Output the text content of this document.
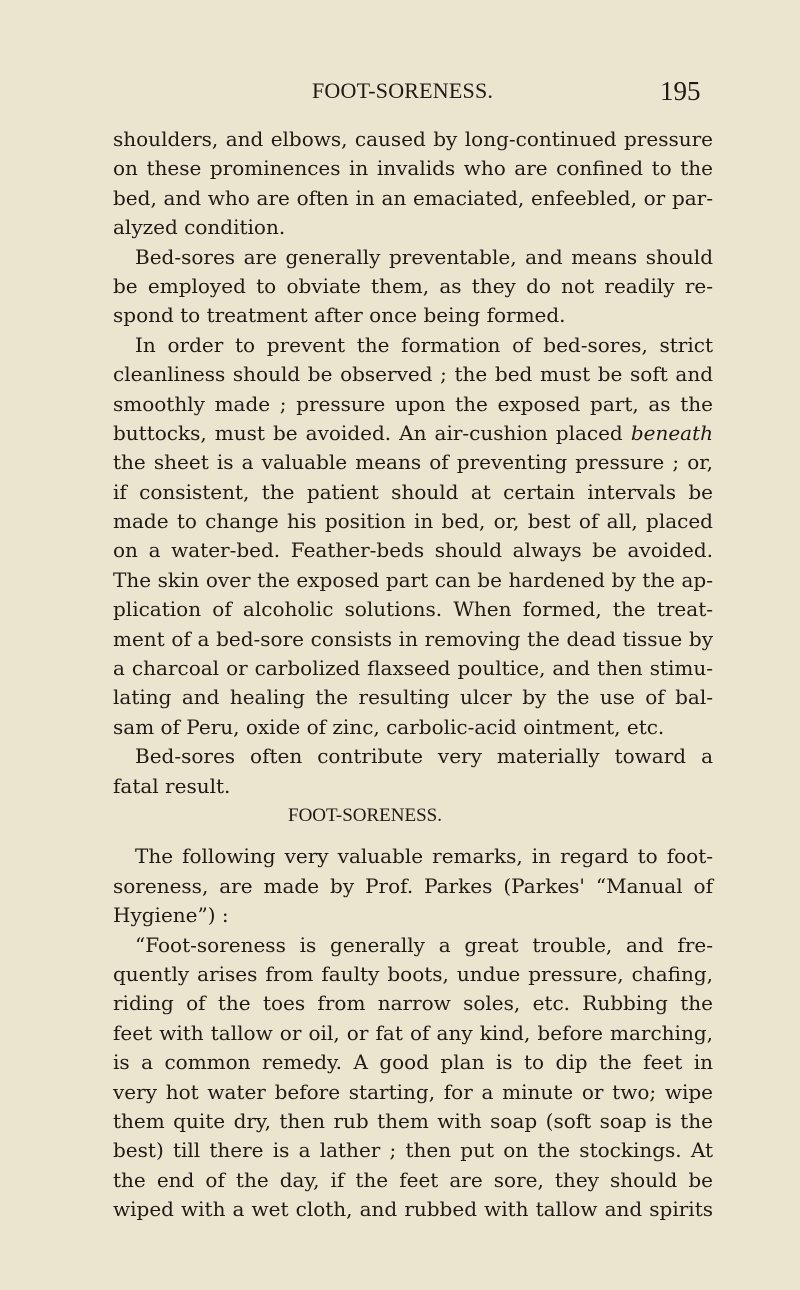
FOOT-SORENESS.	195
shoulders, and elbows, caused by long-continued pressure
on these prominences in invalids who are confined to the
bed, and who are often in an emaciated, enfeebled, or par-
alyzed condition.
Bed-sores are generally preventable, and means should
be employed to obviate them, as they do not readily re-
spond to treatment after once being formed.
In order to prevent the formation of bed-sores, strict
cleanliness should be observed ; the bed must be soft and
smoothly made ; pressure upon the exposed part, as the
buttocks, must be avoided. An air-cushion placed beneath
the sheet is a valuable means of preventing pressure ; or,
if consistent, the patient should at certain intervals be
made to change his position in bed, or, best of all, placed
on a water-bed. Feather-beds should always be avoided.
The skin over the exposed part can be hardened by the ap-
plication of alcoholic solutions. When formed, the treat-
ment of a bed-sore consists in removing the dead tissue by
a charcoal or carbolized flaxseed poultice, and then stimu-
lating and healing the resulting ulcer by the use of bal-
sam of Peru, oxide of zinc, carbolic-acid ointment, etc.
Bed-sores often contribute very materially toward a
fatal result.
FOOT-SORENESS.
The following very valuable remarks, in regard to foot-
soreness, are made by Prof. Parkes (Parkes' “Manual of
Hygiene”) :
“Foot-soreness is generally a great trouble, and fre-
quently arises from faulty boots, undue pressure, chafing,
riding of the toes from narrow soles, etc. Rubbing the
feet with tallow or oil, or fat of any kind, before marching,
is a common remedy. A good plan is to dip the feet in
very hot water before starting, for a minute or two; wipe
them quite dry, then rub them with soap (soft soap is the
best) till there is a lather ; then put on the stockings. At
the end of the day, if the feet are sore, they should be
wiped with a wet cloth, and rubbed with tallow and spirits
